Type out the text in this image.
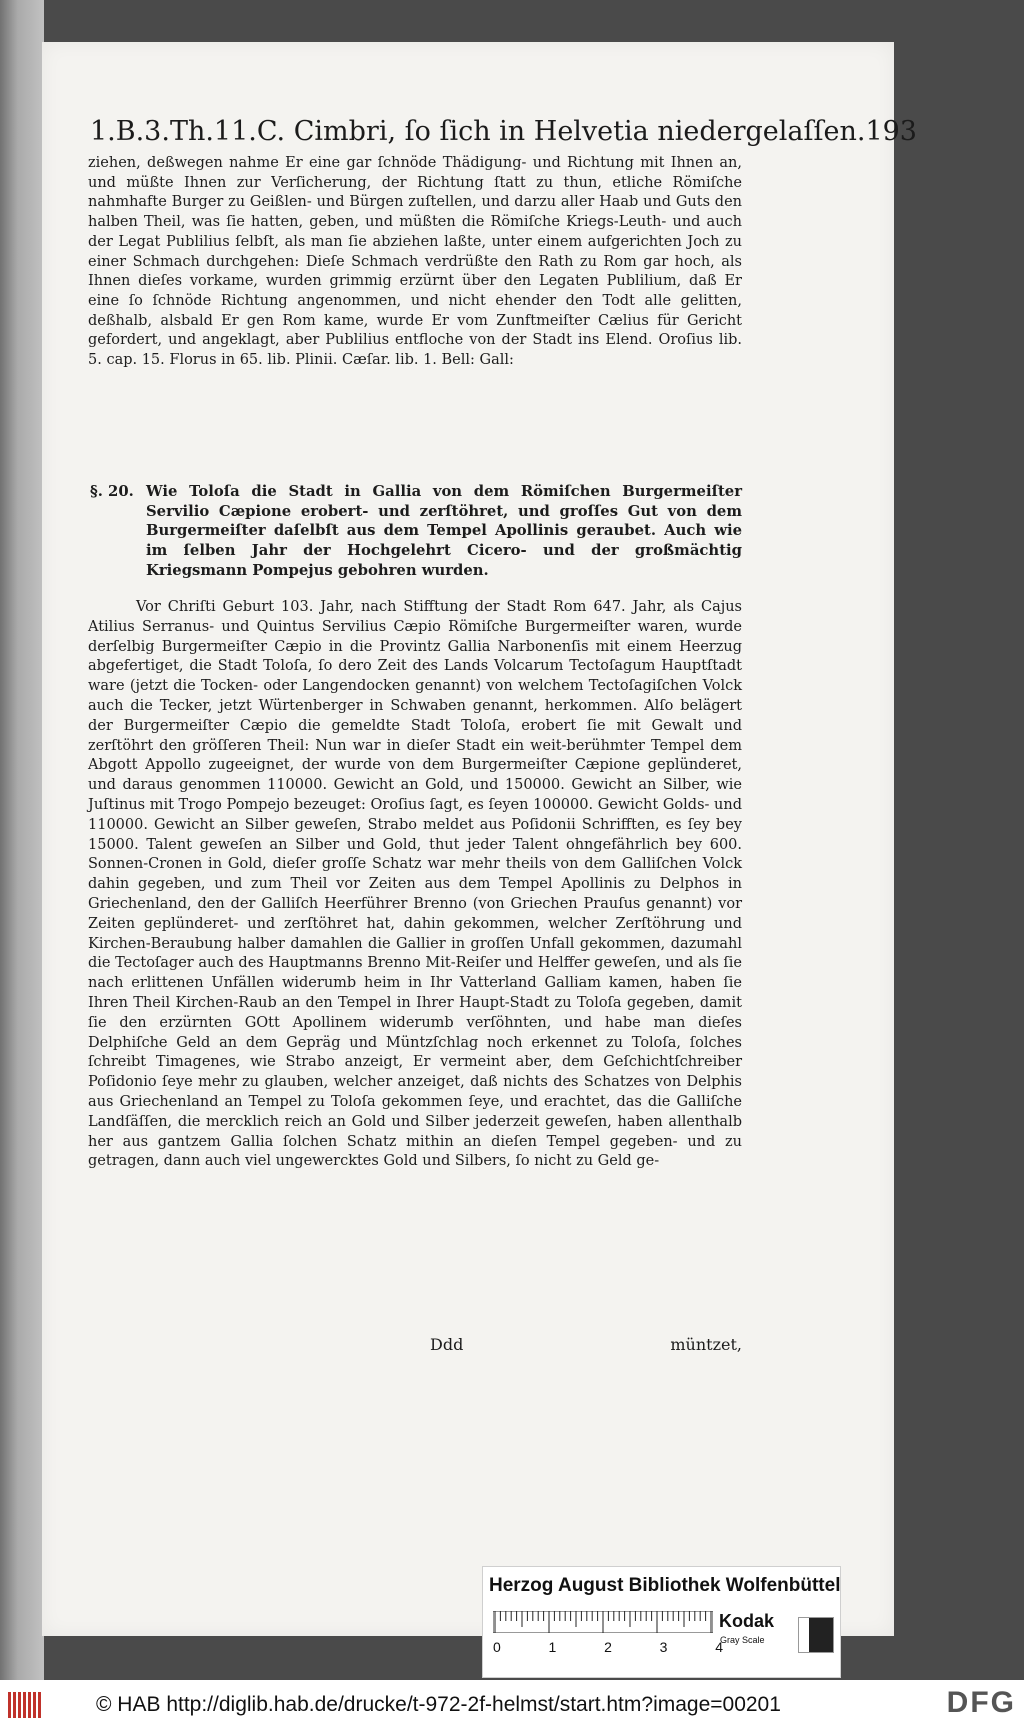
1.B.3.Th.11.C. Cimbri, ſo ſich in Helvetia niedergelaſſen. 193

ziehen, deßwegen nahme Er eine gar ſchnöde Thädigung- und Richtung mit Ihnen an, und müßte Ihnen zur Verſicherung, der Richtung ſtatt zu thun, etliche Römiſche nahmhafte Burger zu Geißlen- und Bürgen zuſtellen, und darzu aller Haab und Guts den halben Theil, was ſie hatten, geben, und müßten die Römiſche Kriegs-Leuth- und auch der Legat Publilius ſelbſt, als man ſie abziehen laßte, unter einem aufgerichten Joch zu einer Schmach durchgehen: Dieſe Schmach verdrüßte den Rath zu Rom gar hoch, als Ihnen dieſes vorkame, wurden grimmig erzürnt über den Legaten Publilium, daß Er eine ſo ſchnöde Richtung angenommen, und nicht ehender den Todt alle gelitten, deßhalb, alsbald Er gen Rom kame, wurde Er vom Zunftmeiſter Cælius für Gericht gefordert, und angeklagt, aber Publilius entfloche von der Stadt ins Elend. Oroſius lib. 5. cap. 15. Florus in 65. lib. Plinii. Cæſar. lib. 1. Bell: Gall:

§. 20. Wie Toloſa die Stadt in Gallia von dem Römiſchen Burgermeiſter Servilio Cæpione erobert- und zerſtöhret, und groſſes Gut von dem Burgermeiſter daſelbſt aus dem Tempel Apollinis geraubet. Auch wie im ſelben Jahr der Hochgelehrt Cicero- und der großmächtig Kriegsmann Pompejus gebohren wurden.
Vor Chriſti Geburt 103. Jahr, nach Stifftung der Stadt Rom 647. Jahr, als Cajus Atilius Serranus- und Quintus Servilius Cæpio Römiſche Burgermeiſter waren, wurde derſelbig Burgermeiſter Cæpio in die Provintz Gallia Narbonenſis mit einem Heerzug abgefertiget, die Stadt Toloſa, ſo dero Zeit des Lands Volcarum Tectoſagum Hauptſtadt ware (jetzt die Tocken- oder Langendocken genannt) von welchem Tectoſagiſchen Volck auch die Tecker, jetzt Würtenberger in Schwaben genannt, herkommen. Alſo belägert der Burgermeiſter Cæpio die gemeldte Stadt Toloſa, erobert ſie mit Gewalt und zerſtöhrt den gröſſeren Theil: Nun war in dieſer Stadt ein weit-berühmter Tempel dem Abgott Appollo zugeeignet, der wurde von dem Burgermeiſter Cæpione geplünderet, und daraus genommen 110000. Gewicht an Gold, und 150000. Gewicht an Silber, wie Juſtinus mit Trogo Pompejo bezeuget: Oroſius ſagt, es ſeyen 100000. Gewicht Golds- und 110000. Gewicht an Silber geweſen, Strabo meldet aus Poſidonii Schrifften, es ſey bey 15000. Talent geweſen an Silber und Gold, thut jeder Talent ohngefährlich bey 600. Sonnen-Cronen in Gold, dieſer groſſe Schatz war mehr theils von dem Galliſchen Volck dahin gegeben, und zum Theil vor Zeiten aus dem Tempel Apollinis zu Delphos in Griechenland, den der Galliſch Heerführer Brenno (von Griechen Prauſus genannt) vor Zeiten geplünderet- und zerſtöhret hat, dahin gekommen, welcher Zerſtöhrung und Kirchen-Beraubung halber damahlen die Gallier in groſſen Unfall gekommen, dazumahl die Tectoſager auch des Hauptmanns Brenno Mit-Reiſer und Helffer geweſen, und als ſie nach erlittenen Unfällen widerumb heim in Ihr Vatterland Galliam kamen, haben ſie Ihren Theil Kirchen-Raub an den Tempel in Ihrer Haupt-Stadt zu Toloſa gegeben, damit ſie den erzürnten GOtt Apollinem widerumb verſöhnten, und habe man dieſes Delphiſche Geld an dem Gepräg und Müntzſchlag noch erkennet zu Toloſa, ſolches ſchreibt Timagenes, wie Strabo anzeigt, Er vermeint aber, dem Geſchichtſchreiber Poſidonio ſeye mehr zu glauben, welcher anzeiget, daß nichts des Schatzes von Delphis aus Griechenland an Tempel zu Toloſa gekommen ſeye, und erachtet, das die Galliſche Landſäſſen, die mercklich reich an Gold und Silber jederzeit geweſen, haben allenthalb her aus gantzem Gallia ſolchen Schatz mithin an dieſen Tempel gegeben- und zu getragen, dann auch viel ungewercktes Gold und Silbers, ſo nicht zu Geld ge-
Ddd	müntzet,
Herzog August Bibliothek Wolfenbüttel
0	1	2	3	4
Kodak
Gray Scale
© HAB http://diglib.hab.de/drucke/t-972-2f-helmst/start.htm?image=00201	DFG
